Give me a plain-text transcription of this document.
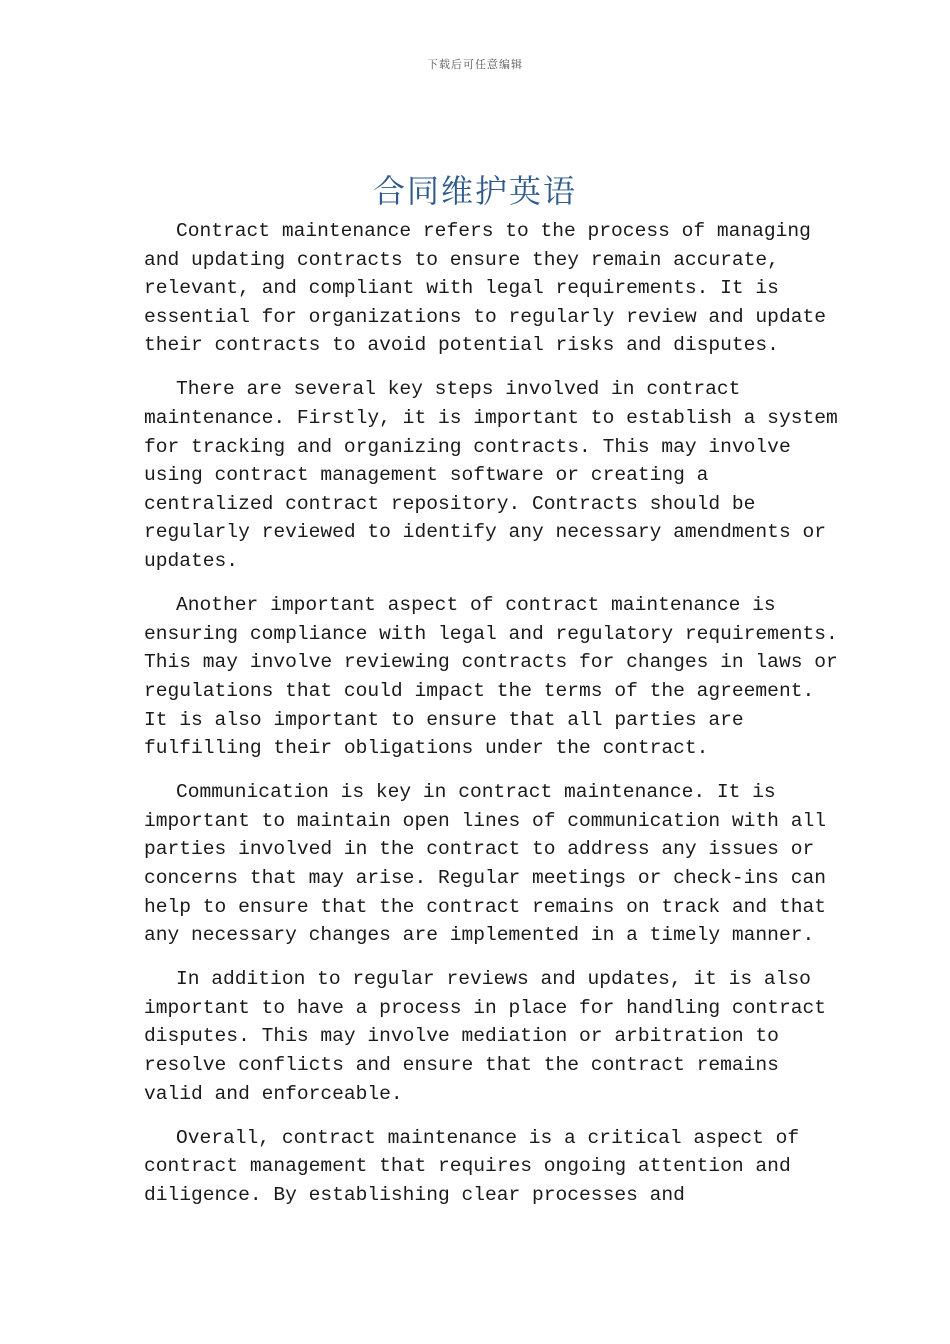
下载后可任意编辑
合同维护英语

Contract maintenance refers to the process of managing
and updating contracts to ensure they remain accurate,
relevant, and compliant with legal requirements. It is
essential for organizations to regularly review and update
their contracts to avoid potential risks and disputes.

There are several key steps involved in contract
maintenance. Firstly, it is important to establish a system
for tracking and organizing contracts. This may involve
using contract management software or creating a
centralized contract repository. Contracts should be
regularly reviewed to identify any necessary amendments or
updates.

Another important aspect of contract maintenance is
ensuring compliance with legal and regulatory requirements.
This may involve reviewing contracts for changes in laws or
regulations that could impact the terms of the agreement.
It is also important to ensure that all parties are
fulfilling their obligations under the contract.

Communication is key in contract maintenance. It is
important to maintain open lines of communication with all
parties involved in the contract to address any issues or
concerns that may arise. Regular meetings or check-ins can
help to ensure that the contract remains on track and that
any necessary changes are implemented in a timely manner.

In addition to regular reviews and updates, it is also
important to have a process in place for handling contract
disputes. This may involve mediation or arbitration to
resolve conflicts and ensure that the contract remains
valid and enforceable.

Overall, contract maintenance is a critical aspect of
contract management that requires ongoing attention and
diligence. By establishing clear processes and
